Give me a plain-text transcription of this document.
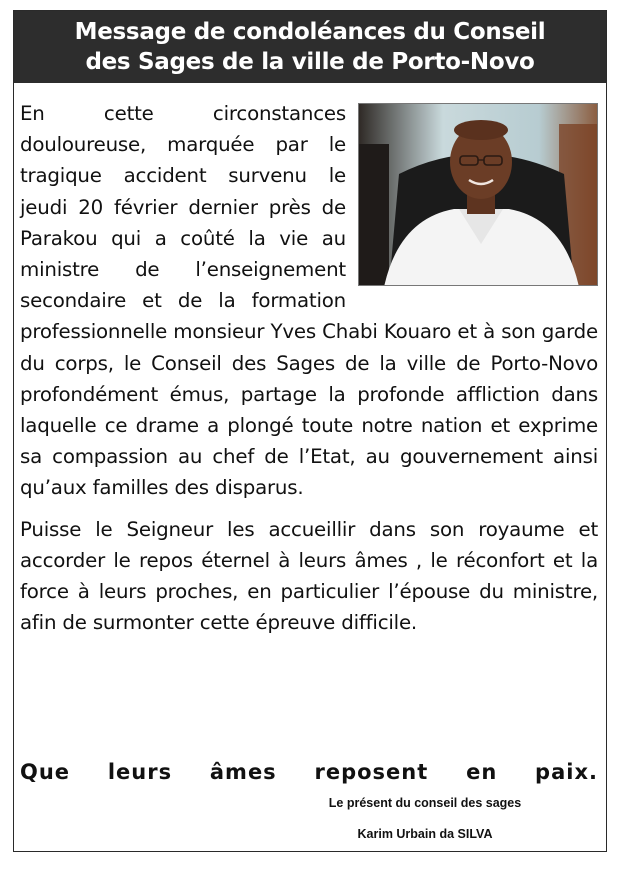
Message de condoléances du Conseil
des Sages de la ville de Porto-Novo

En cette circonstances douloureuse, marquée par le tragique accident survenu le jeudi 20 février dernier près de Parakou qui a coûté la vie au ministre de l’enseignement secondaire et de la formation professionnelle monsieur Yves Chabi Kouaro et à son garde du corps, le Conseil des Sages de la ville de Porto-Novo profondément émus, partage la profonde affliction dans laquelle ce drame a plongé toute notre nation et exprime sa compassion au chef de l’Etat, au gouvernement ainsi qu’aux familles des disparus.

Puisse le Seigneur les accueillir dans son royaume et accorder le repos éternel à leurs âmes , le réconfort et la force à leurs proches, en particulier l’épouse du ministre, afin de surmonter cette épreuve difficile.

Que leurs âmes reposent en paix.
Le présent du conseil des sages
Karim Urbain da SILVA
